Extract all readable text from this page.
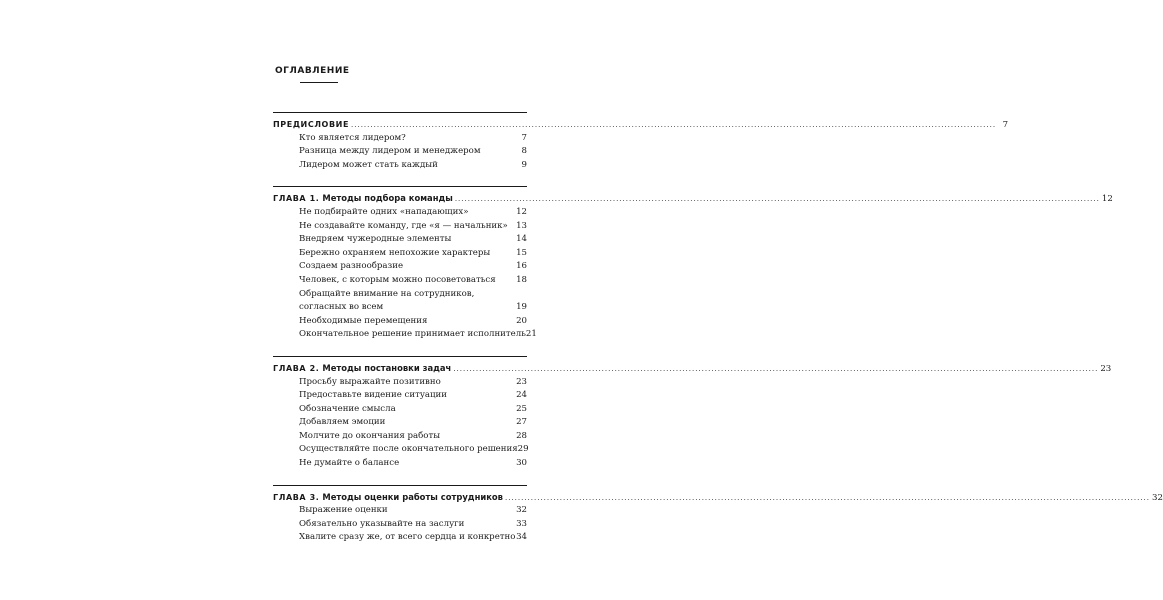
ОГЛАВЛЕНИЕ
ПРЕДИСЛОВИЕ ........................................................................................................................................................................................................ 7
Кто является лидером?	7
Разница между лидером и менеджером	8
Лидером может стать каждый	9
ГЛАВА 1. Методы подбора команды ........................................................................................................................................................................................................ 12
Не подбирайте одних «нападающих»	12
Не создавайте команду, где «я — начальник» 13
Внедряем чужеродные элементы	14
Бережно охраняем непохожие характеры	15
Создаем разнообразие	16
Человек, с которым можно посоветоваться 18
Обращайте внимание на сотрудников,
согласных во всем	19
Необходимые перемещения	20
Окончательное решение принимает исполнитель 21
ГЛАВА 2. Методы постановки задач ........................................................................................................................................................................................................ 23
Просьбу выражайте позитивно	23
Предоставьте видение ситуации	24
Обозначение смысла	25
Добавляем эмоции	27
Молчите до окончания работы	28
Осуществляйте после окончательного решения 29
Не думайте о балансе	30
ГЛАВА 3. Методы оценки работы сотрудников ........................................................................................................................................................................................................ 32
Выражение оценки	32
Обязательно указывайте на заслуги	33
Хвалите сразу же, от всего сердца и конкретно 34
